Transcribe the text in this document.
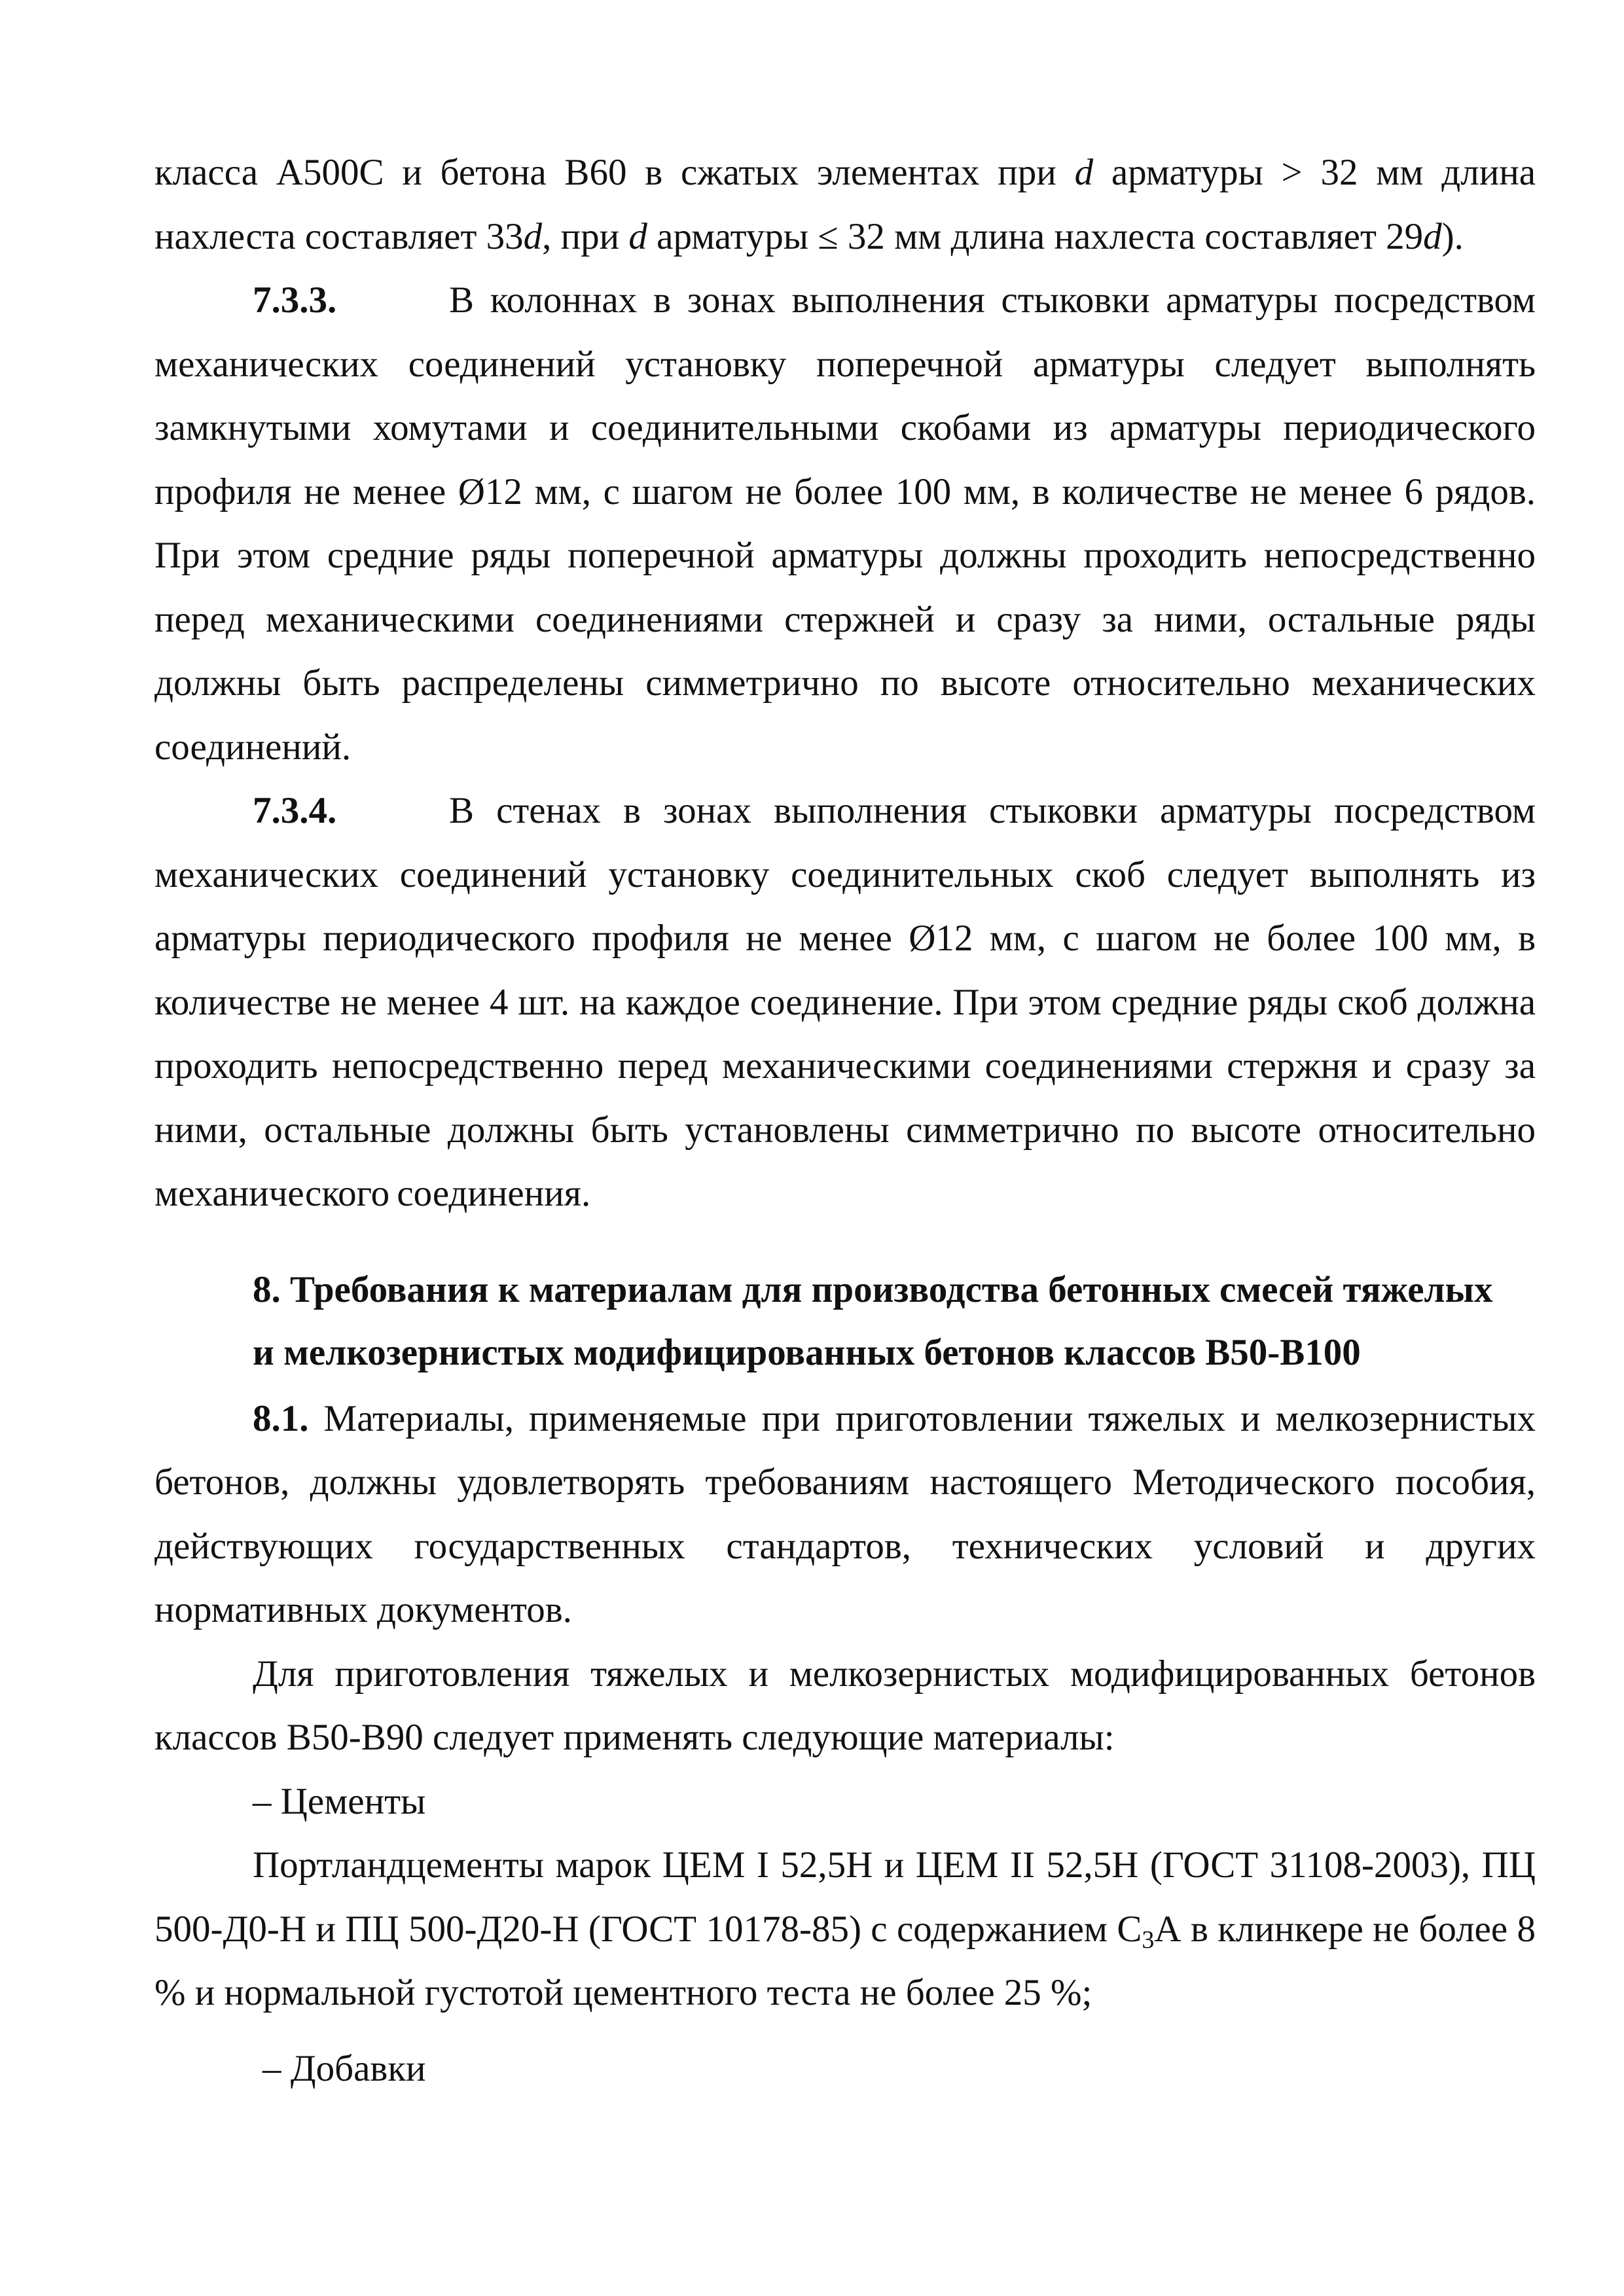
класса А500С и бетона В60 в сжатых элементах при d арматуры > 32 мм длина нахлеста составляет 33d, при d арматуры ≤ 32 мм длина нахлеста составляет 29d).

7.3.3.	В колоннах в зонах выполнения стыковки арматуры посредством механических соединений установку поперечной арматуры следует выполнять замкнутыми хомутами и соединительными скобами из арматуры периодического профиля не менее Ø12 мм, с шагом не более 100 мм, в количестве не менее 6 рядов. При этом средние ряды поперечной арматуры должны проходить непосредственно перед механическими соединениями стержней и сразу за ними, остальные ряды должны быть распределены симметрично по высоте относительно механических соединений.

7.3.4.	В стенах в зонах выполнения стыковки арматуры посредством механических соединений установку соединительных скоб следует выполнять из арматуры периодического профиля не менее Ø12 мм, с шагом не более 100 мм, в количестве не менее 4 шт. на каждое соединение. При этом средние ряды скоб должна проходить непосредственно перед механическими соединениями стержня и сразу за ними, остальные должны быть установлены симметрично по высоте относительно механического соединения.

8. Требования к материалам для производства бетонных смесей тяжелых
и мелкозернистых модифицированных бетонов классов В50-В100

8.1. Материалы, применяемые при приготовлении тяжелых и мелкозернистых бетонов, должны удовлетворять требованиям настоящего Методического пособия, действующих государственных стандартов, технических условий и других нормативных документов.

Для приготовления тяжелых и мелкозернистых модифицированных бетонов классов В50-В90 следует применять следующие материалы:

– Цементы

Портландцементы марок ЦЕМ I 52,5Н и ЦЕМ II 52,5Н (ГОСТ 31108-2003), ПЦ 500-Д0-Н и ПЦ 500-Д20-Н (ГОСТ 10178-85) с содержанием $С_3А$ в клинкере не более 8 % и нормальной густотой цементного теста не более 25 %;

– Добавки
